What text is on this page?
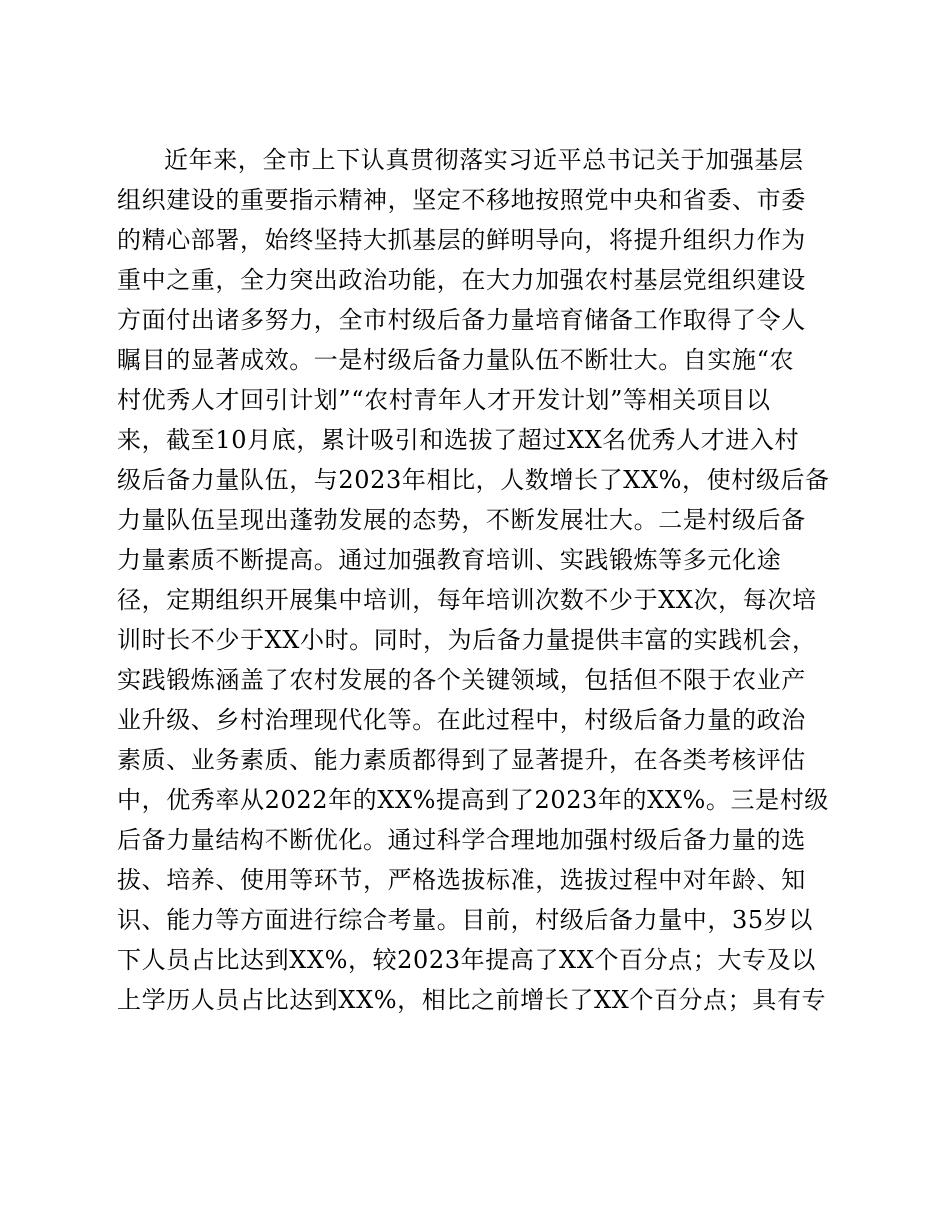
近年来，全市上下认真贯彻落实习近平总书记关于加强基层
组织建设的重要指示精神，坚定不移地按照党中央和省委、市委
的精心部署，始终坚持大抓基层的鲜明导向，将提升组织力作为
重中之重，全力突出政治功能，在大力加强农村基层党组织建设
方面付出诸多努力，全市村级后备力量培育储备工作取得了令人
瞩目的显著成效。一是村级后备力量队伍不断壮大。自实施“农
村优秀人才回引计划”“农村青年人才开发计划”等相关项目以
来，截至10月底，累计吸引和选拔了超过XX名优秀人才进入村
级后备力量队伍，与2023年相比，人数增长了XX%，使村级后备
力量队伍呈现出蓬勃发展的态势，不断发展壮大。二是村级后备
力量素质不断提高。通过加强教育培训、实践锻炼等多元化途
径，定期组织开展集中培训，每年培训次数不少于XX次，每次培
训时长不少于XX小时。同时，为后备力量提供丰富的实践机会，
实践锻炼涵盖了农村发展的各个关键领域，包括但不限于农业产
业升级、乡村治理现代化等。在此过程中，村级后备力量的政治
素质、业务素质、能力素质都得到了显著提升，在各类考核评估
中，优秀率从2022年的XX%提高到了2023年的XX%。三是村级
后备力量结构不断优化。通过科学合理地加强村级后备力量的选
拔、培养、使用等环节，严格选拔标准，选拔过程中对年龄、知
识、能力等方面进行综合考量。目前，村级后备力量中，35岁以
下人员占比达到XX%，较2023年提高了XX个百分点；大专及以
上学历人员占比达到XX%，相比之前增长了XX个百分点；具有专
